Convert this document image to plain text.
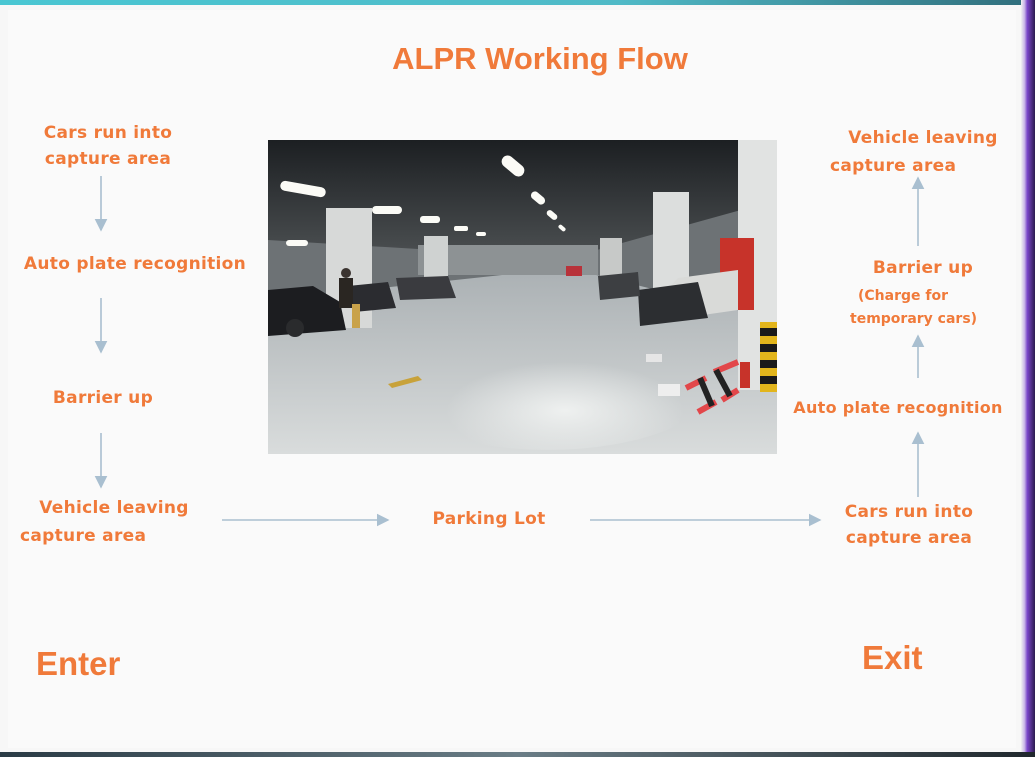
ALPR Working Flow
Cars run into
capture area
Auto plate recognition
Barrier up
Vehicle leaving
capture area
Parking Lot
Vehicle leaving
capture area
Barrier up
(Charge for
temporary cars)
Auto plate recognition
Cars run into
capture area
Enter	Exit
